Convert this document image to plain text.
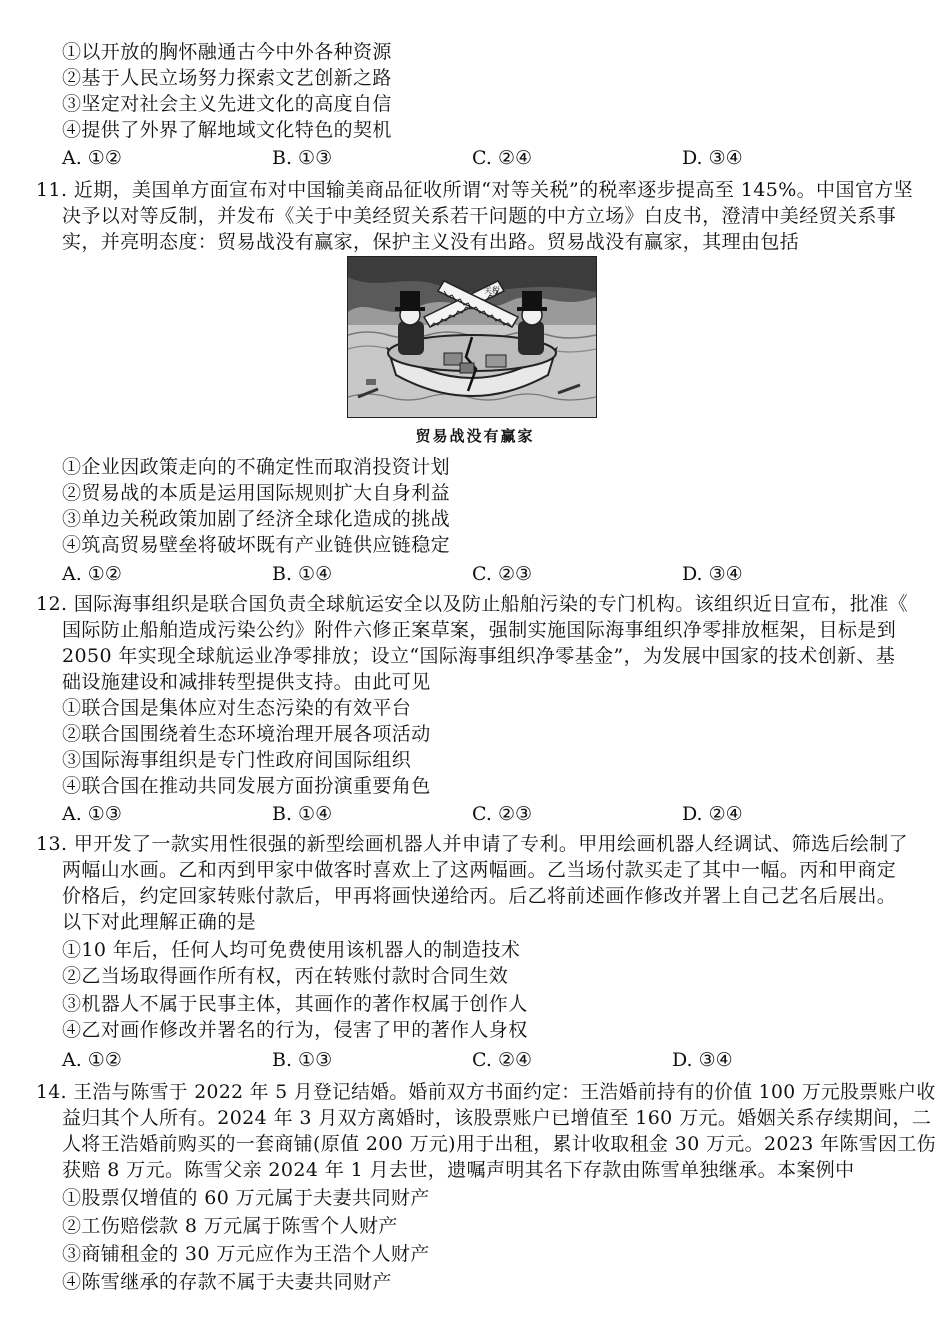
①以开放的胸怀融通古今中外各种资源
②基于人民立场努力探索文艺创新之路
③坚定对社会主义先进文化的高度自信
④提供了外界了解地域文化特色的契机
A. ①②	B. ①③	C. ②④	D. ③④
11. 近期，美国单方面宣布对中国输美商品征收所谓“对等关税”的税率逐步提高至 145%。中国官方坚
决予以对等反制，并发布《关于中美经贸关系若干问题的中方立场》白皮书，澄清中美经贸关系事
实，并亮明态度：贸易战没有赢家，保护主义没有出路。贸易战没有赢家，其理由包括
关税
贸易战没有赢家
①企业因政策走向的不确定性而取消投资计划
②贸易战的本质是运用国际规则扩大自身利益
③单边关税政策加剧了经济全球化造成的挑战
④筑高贸易壁垒将破坏既有产业链供应链稳定
A. ①②	B. ①④	C. ②③	D. ③④
12. 国际海事组织是联合国负责全球航运安全以及防止船舶污染的专门机构。该组织近日宣布，批准《
国际防止船舶造成污染公约》附件六修正案草案，强制实施国际海事组织净零排放框架，目标是到
2050 年实现全球航运业净零排放；设立“国际海事组织净零基金”，为发展中国家的技术创新、基
础设施建设和减排转型提供支持。由此可见
①联合国是集体应对生态污染的有效平台
②联合国围绕着生态环境治理开展各项活动
③国际海事组织是专门性政府间国际组织
④联合国在推动共同发展方面扮演重要角色
A. ①③	B. ①④	C. ②③	D. ②④
13. 甲开发了一款实用性很强的新型绘画机器人并申请了专利。甲用绘画机器人经调试、筛选后绘制了
两幅山水画。乙和丙到甲家中做客时喜欢上了这两幅画。乙当场付款买走了其中一幅。丙和甲商定
价格后，约定回家转账付款后，甲再将画快递给丙。后乙将前述画作修改并署上自己艺名后展出。
以下对此理解正确的是
①10 年后，任何人均可免费使用该机器人的制造技术
②乙当场取得画作所有权，丙在转账付款时合同生效
③机器人不属于民事主体，其画作的著作权属于创作人
④乙对画作修改并署名的行为，侵害了甲的著作人身权
A. ①②	B. ①③	C. ②④	D. ③④
14. 王浩与陈雪于 2022 年 5 月登记结婚。婚前双方书面约定：王浩婚前持有的价值 100 万元股票账户收
益归其个人所有。2024 年 3 月双方离婚时，该股票账户已增值至 160 万元。婚姻关系存续期间，二
人将王浩婚前购买的一套商铺(原值 200 万元)用于出租，累计收取租金 30 万元。2023 年陈雪因工伤
获赔 8 万元。陈雪父亲 2024 年 1 月去世，遗嘱声明其名下存款由陈雪单独继承。本案例中
①股票仅增值的 60 万元属于夫妻共同财产
②工伤赔偿款 8 万元属于陈雪个人财产
③商铺租金的 30 万元应作为王浩个人财产
④陈雪继承的存款不属于夫妻共同财产
